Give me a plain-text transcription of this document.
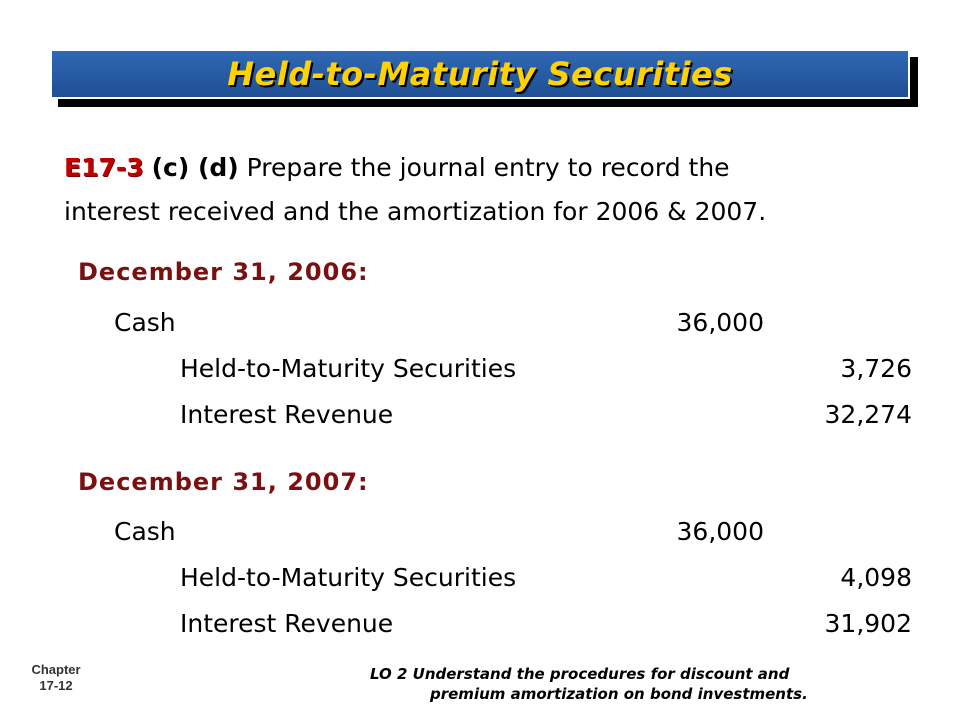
Held-to-Maturity Securities
E17-3 (c) (d) Prepare the journal entry to record the
interest received and the amortization for 2006 & 2007.
December 31, 2006:
Cash	36,000
Held-to-Maturity Securities	3,726
Interest Revenue	32,274
December 31, 2007:
Cash	36,000
Held-to-Maturity Securities	4,098
Interest Revenue	31,902
Chapter
17-12
LO 2 Understand the procedures for discount and
premium amortization on bond investments.
